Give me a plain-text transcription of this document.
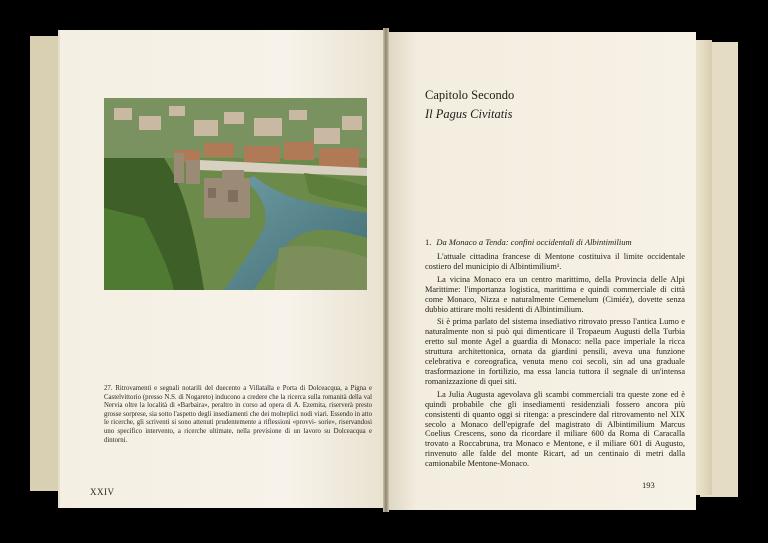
27. Ritrovamenti e segnali notarili del duecento a Villatalla e Porta di Dolceacqua, a Pigna e Castelvittorio (presso N.S. di Nogareto) inducono a credere che la ricerca sulla romanità della val Nervia oltre la località di «Barbaira», peraltro in corso ad opera di A. Ezemita, riserverà presto grosse sorprese, sia sotto l'aspetto degli insediamenti che dei molteplici nodi viari. Essendo in atto le ricerche, gli scriventi si sono attenuti prudentemente a riflessioni «provvi- sorie», riservandosi uno specifico intervento, a ricerche ultimate, nella previsione di un lavoro su Dolceacqua e dintorni.

XXIV
Capitolo Secondo
Il Pagus Civitatis
1. Da Monaco a Tenda: confini occidentali di Albintimilium

L'attuale cittadina francese di Mentone costituiva il limite occidentale costiero del municipio di Albintimilium¹.

La vicina Monaco era un centro marittimo, della Provincia delle Alpi Marittime: l'importanza logistica, marittima e quindi commerciale di città come Monaco, Nizza e naturalmente Cemenelum (Cimiéz), dovette senza dubbio attirare molti residenti di Albintimilium.

Si è prima parlato del sistema insediativo ritrovato presso l'antica Lumo e naturalmente non si può qui dimenticare il Tropaeum Augusti della Turbia eretto sul monte Agel a guardia di Monaco: nella pace imperiale la ricca struttura architettonica, ornata da giardini pensili, aveva una funzione celebrativa e coreografica, venuta meno coi secoli, sin ad una graduale trasformazione in fortilizio, ma essa lancia tuttora il segnale di un'intensa romanizzazione di quei siti.

La Julia Augusta agevolava gli scambi commerciali tra queste zone ed è quindi probabile che gli insediamenti residenziali fossero ancora più consistenti di quanto oggi si ritenga: a prescindere dal ritrovamento nel XIX secolo a Monaco dell'epigrafe del magistrato di Albintimilium Marcus Coelius Crescens, sono da ricordare il miliare 600 da Roma di Caracalla trovato a Roccabruna, tra Monaco e Mentone, e il miliare 601 di Augusto, rinvenuto alle falde del monte Ricart, ad un centinaio di metri dalla camionabile Mentone-Monaco.

193
